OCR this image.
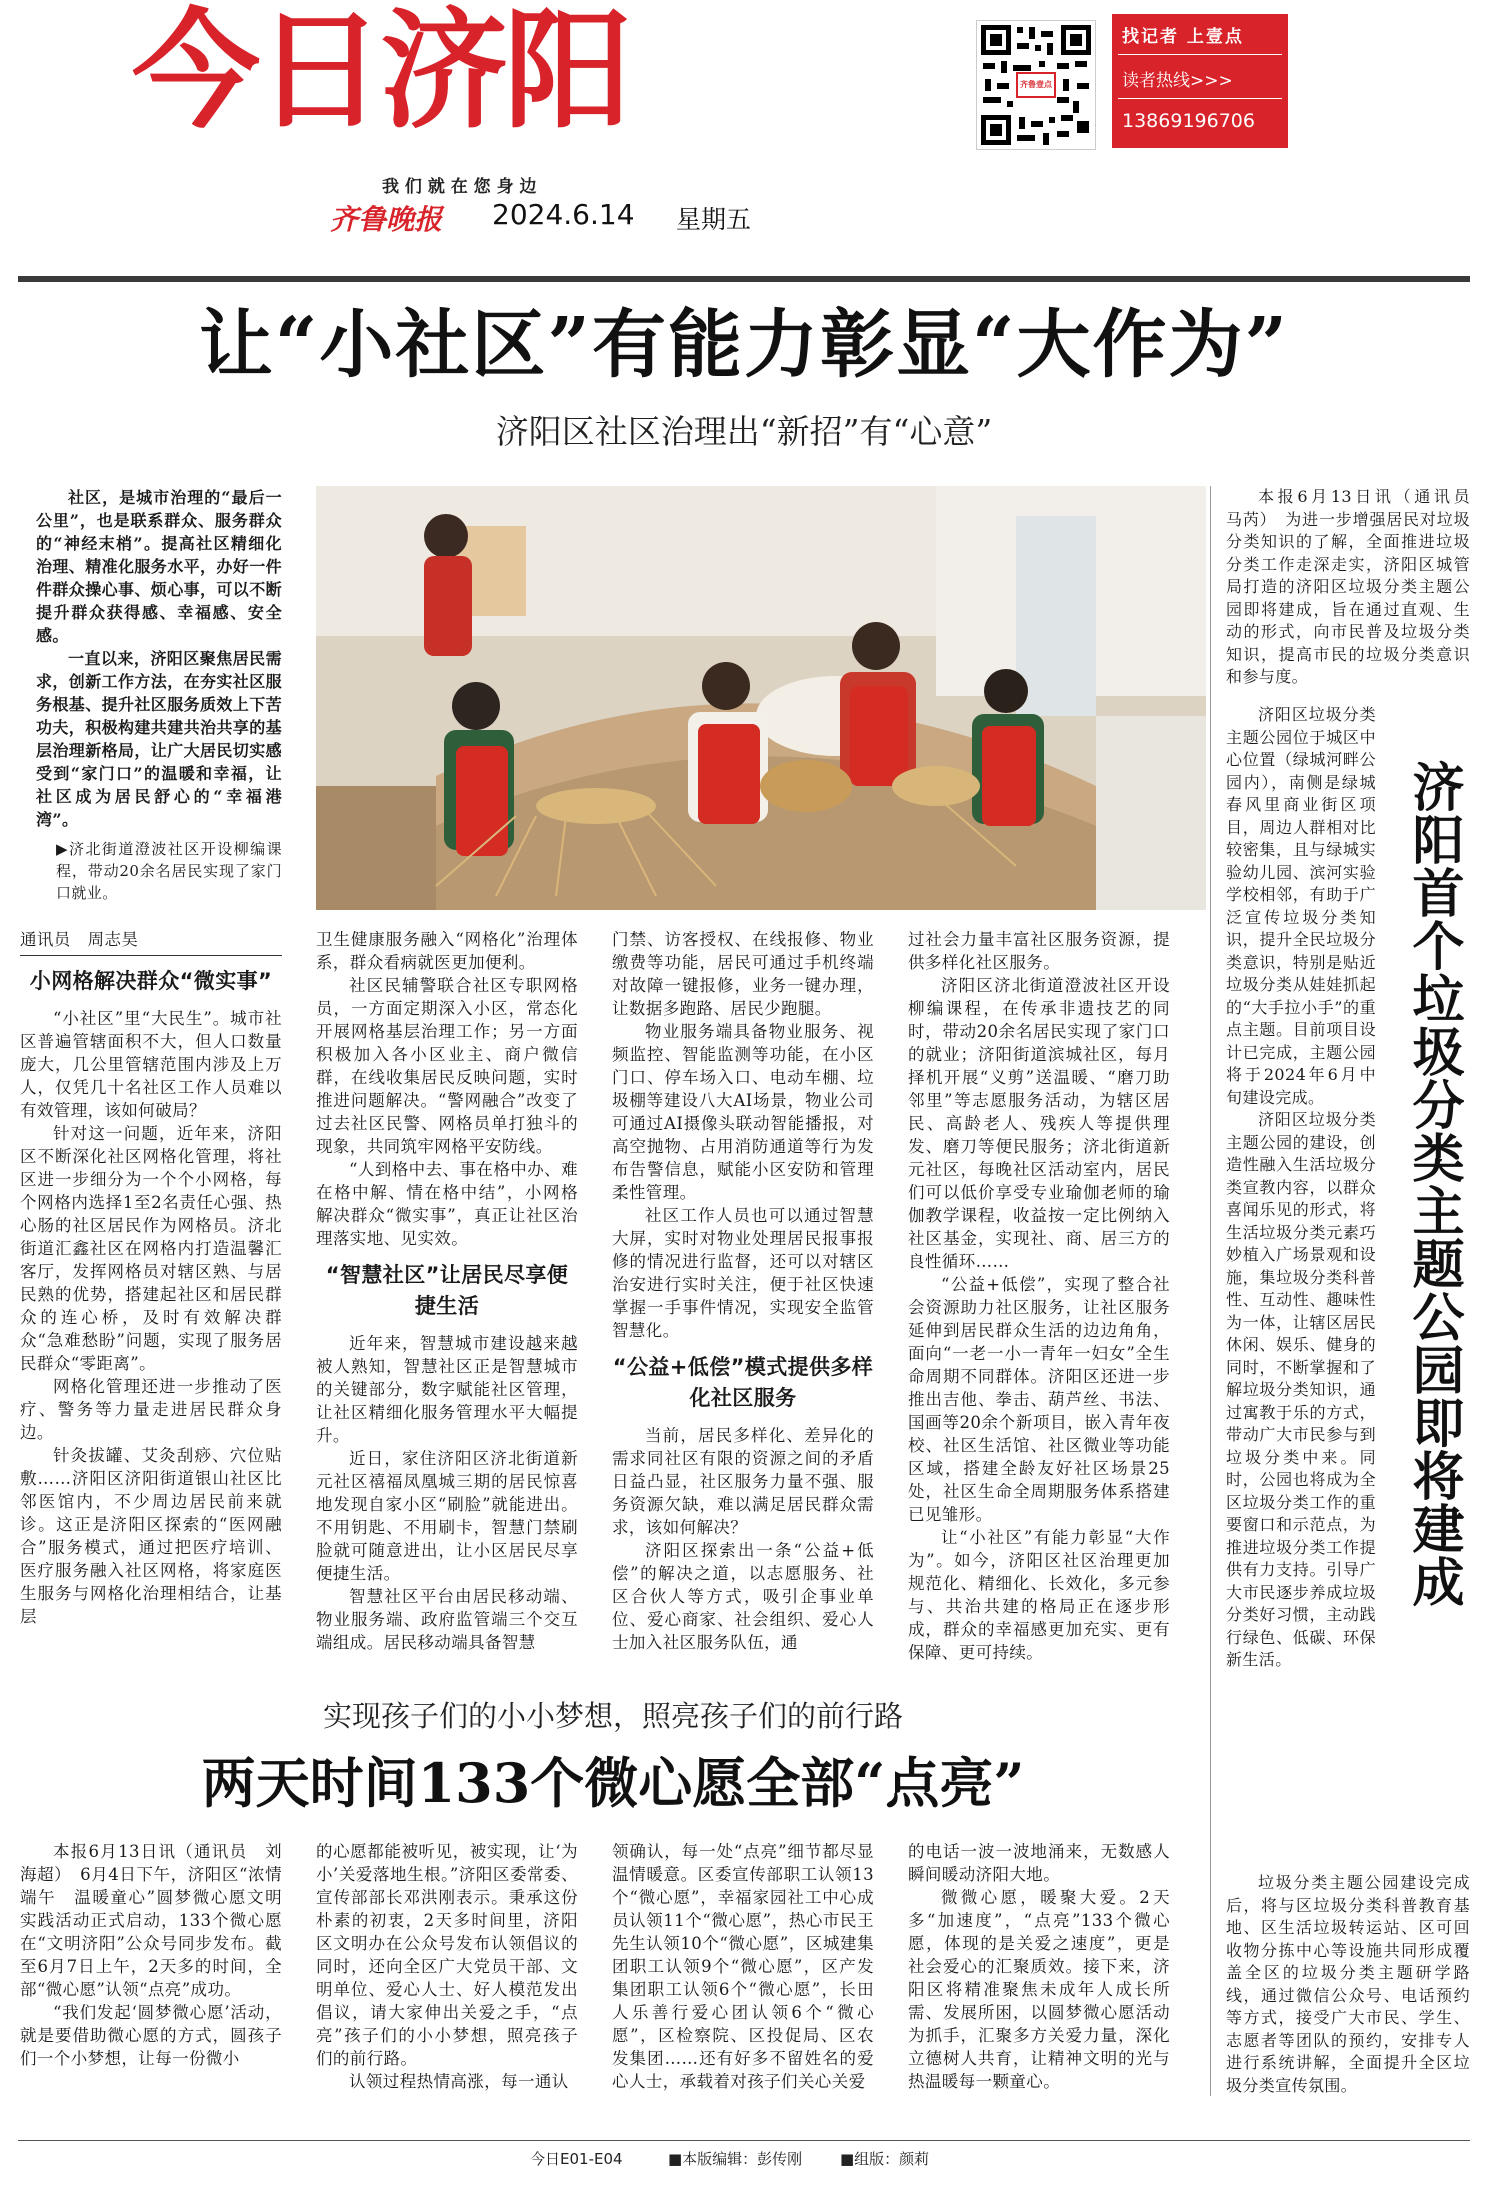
今日济阳
我 们 就 在 您 身 边
齐鲁晚报 2024.6.14 星期五
齐鲁壹点
找记者 上壹点
读者热线>>>
13869196706
让“小社区”有能力彰显“大作为”
济阳区社区治理出“新招”有“心意”

社区，是城市治理的“最后一公里”，也是联系群众、服务群众的“神经末梢”。提高社区精细化治理、精准化服务水平，办好一件件群众操心事、烦心事，可以不断提升群众获得感、幸福感、安全感。

一直以来，济阳区聚焦居民需求，创新工作方法，在夯实社区服务根基、提升社区服务质效上下苦功夫，积极构建共建共治共享的基层治理新格局，让广大居民切实感受到“家门口”的温暖和幸福，让社区成为居民舒心的“幸福港湾”。

▶济北街道澄波社区开设柳编课程，带动20余名居民实现了家门口就业。

通讯员　周志昊

小网格解决群众“微实事”

“小社区”里“大民生”。城市社区普遍管辖面积不大，但人口数量庞大，几公里管辖范围内涉及上万人，仅凭几十名社区工作人员难以有效管理，该如何破局？

针对这一问题，近年来，济阳区不断深化社区网格化管理，将社区进一步细分为一个个小网格，每个网格内选择1至2名责任心强、热心肠的社区居民作为网格员。济北街道汇鑫社区在网格内打造温馨汇客厅，发挥网格员对辖区熟、与居民熟的优势，搭建起社区和居民群众的连心桥，及时有效解决群众“急难愁盼”问题，实现了服务居民群众“零距离”。

网格化管理还进一步推动了医疗、警务等力量走进居民群众身边。

针灸拔罐、艾灸刮痧、穴位贴敷……济阳区济阳街道银山社区比邻医馆内，不少周边居民前来就诊。这正是济阳区探索的“医网融合”服务模式，通过把医疗培训、医疗服务融入社区网格，将家庭医生服务与网格化治理相结合，让基层

卫生健康服务融入“网格化”治理体系，群众看病就医更加便利。

社区民辅警联合社区专职网格员，一方面定期深入小区，常态化开展网格基层治理工作；另一方面积极加入各小区业主、商户微信群，在线收集居民反映问题，实时推进问题解决。“警网融合”改变了过去社区民警、网格员单打独斗的现象，共同筑牢网格平安防线。

“人到格中去、事在格中办、难在格中解、情在格中结”，小网格解决群众“微实事”，真正让社区治理落实地、见实效。

“智慧社区”让居民尽享便捷生活

近年来，智慧城市建设越来越被人熟知，智慧社区正是智慧城市的关键部分，数字赋能社区管理，让社区精细化服务管理水平大幅提升。

近日，家住济阳区济北街道新元社区禧福凤凰城三期的居民惊喜地发现自家小区“刷脸”就能进出。不用钥匙、不用刷卡，智慧门禁刷脸就可随意进出，让小区居民尽享便捷生活。

智慧社区平台由居民移动端、物业服务端、政府监管端三个交互端组成。居民移动端具备智慧

门禁、访客授权、在线报修、物业缴费等功能，居民可通过手机终端对故障一键报修，业务一键办理，让数据多跑路、居民少跑腿。

物业服务端具备物业服务、视频监控、智能监测等功能，在小区门口、停车场入口、电动车棚、垃圾棚等建设八大AI场景，物业公司可通过AI摄像头联动智能播报，对高空抛物、占用消防通道等行为发布告警信息，赋能小区安防和管理柔性管理。

社区工作人员也可以通过智慧大屏，实时对物业处理居民报事报修的情况进行监督，还可以对辖区治安进行实时关注，便于社区快速掌握一手事件情况，实现安全监管智慧化。

“公益+低偿”模式提供多样化社区服务

当前，居民多样化、差异化的需求同社区有限的资源之间的矛盾日益凸显，社区服务力量不强、服务资源欠缺，难以满足居民群众需求，该如何解决？

济阳区探索出一条“公益+低偿”的解决之道，以志愿服务、社区合伙人等方式，吸引企事业单位、爱心商家、社会组织、爱心人士加入社区服务队伍，通

过社会力量丰富社区服务资源，提供多样化社区服务。

济阳区济北街道澄波社区开设柳编课程，在传承非遗技艺的同时，带动20余名居民实现了家门口的就业；济阳街道滨城社区，每月择机开展“义剪”送温暖、“磨刀助邻里”等志愿服务活动，为辖区居民、高龄老人、残疾人等提供理发、磨刀等便民服务；济北街道新元社区，每晚社区活动室内，居民们可以低价享受专业瑜伽老师的瑜伽教学课程，收益按一定比例纳入社区基金，实现社、商、居三方的良性循环……

“公益+低偿”，实现了整合社会资源助力社区服务，让社区服务延伸到居民群众生活的边边角角，面向“一老一小一青年一妇女”全生命周期不同群体。济阳区还进一步推出吉他、拳击、葫芦丝、书法、国画等20余个新项目，嵌入青年夜校、社区生活馆、社区微业等功能区域，搭建全龄友好社区场景25处，社区生命全周期服务体系搭建已见雏形。

让“小社区”有能力彰显“大作为”。如今，济阳区社区治理更加规范化、精细化、长效化，多元参与、共治共建的格局正在逐步形成，群众的幸福感更加充实、更有保障、更可持续。

实现孩子们的小小梦想，照亮孩子们的前行路
两天时间133个微心愿全部“点亮”

本报6月13日讯（通讯员　刘海超）　6月4日下午，济阳区“浓情端午　温暖童心”圆梦微心愿文明实践活动正式启动，133个微心愿在“文明济阳”公众号同步发布。截至6月7日上午，2天多的时间，全部“微心愿”认领“点亮”成功。

“我们发起‘圆梦微心愿’活动，就是要借助微心愿的方式，圆孩子们一个小梦想，让每一份微小

的心愿都能被听见，被实现，让‘为小’关爱落地生根。”济阳区委常委、宣传部部长邓洪刚表示。秉承这份朴素的初衷，2天多时间里，济阳区文明办在公众号发布认领倡议的同时，还向全区广大党员干部、文明单位、爱心人士、好人模范发出倡议，请大家伸出关爱之手，“点亮”孩子们的小小梦想，照亮孩子们的前行路。

认领过程热情高涨，每一通认

领确认，每一处“点亮”细节都尽显温情暖意。区委宣传部职工认领13个“微心愿”，幸福家园社工中心成员认领11个“微心愿”，热心市民王先生认领10个“微心愿”，区城建集团职工认领9个“微心愿”，区产发集团职工认领6个“微心愿”，长田人乐善行爱心团认领6个“微心愿”，区检察院、区投促局、区农发集团……还有好多不留姓名的爱心人士，承载着对孩子们关心关爱

的电话一波一波地涌来，无数感人瞬间暖动济阳大地。

微微心愿，暖聚大爱。2天多“加速度”，“点亮”133个微心愿，体现的是关爱之速度”，更是社会爱心的汇聚质效。接下来，济阳区将精准聚焦未成年人成长所需、发展所困，以圆梦微心愿活动为抓手，汇聚多方关爱力量，深化立德树人共育，让精神文明的光与热温暖每一颗童心。

本报6月13日讯（通讯员　马芮）　为进一步增强居民对垃圾分类知识的了解，全面推进垃圾分类工作走深走实，济阳区城管局打造的济阳区垃圾分类主题公园即将建成，旨在通过直观、生动的形式，向市民普及垃圾分类知识，提高市民的垃圾分类意识和参与度。

济阳首个垃圾分类主题公园即将建成

济阳区垃圾分类主题公园位于城区中心位置（绿城河畔公园内），南侧是绿城春风里商业街区项目，周边人群相对比较密集，且与绿城实验幼儿园、滨河实验学校相邻，有助于广泛宣传垃圾分类知识，提升全民垃圾分类意识，特别是贴近垃圾分类从娃娃抓起的“大手拉小手”的重点主题。目前项目设计已完成，主题公园将于2024年6月中旬建设完成。

济阳区垃圾分类主题公园的建设，创造性融入生活垃圾分类宣教内容，以群众喜闻乐见的形式，将生活垃圾分类元素巧妙植入广场景观和设施，集垃圾分类科普性、互动性、趣味性为一体，让辖区居民休闲、娱乐、健身的同时，不断掌握和了解垃圾分类知识，通过寓教于乐的方式，带动广大市民参与到垃圾分类中来。同时，公园也将成为全区垃圾分类工作的重要窗口和示范点，为推进垃圾分类工作提供有力支持。引导广大市民逐步养成垃圾分类好习惯，主动践行绿色、低碳、环保新生活。

垃圾分类主题公园建设完成后，将与区垃圾分类科普教育基地、区生活垃圾转运站、区可回收物分拣中心等设施共同形成覆盖全区的垃圾分类主题研学路线，通过微信公众号、电话预约等方式，接受广大市民、学生、志愿者等团队的预约，安排专人进行系统讲解，全面提升全区垃圾分类宣传氛围。

今日E01-E04	■本版编辑：彭传刚	■组版：颜莉
